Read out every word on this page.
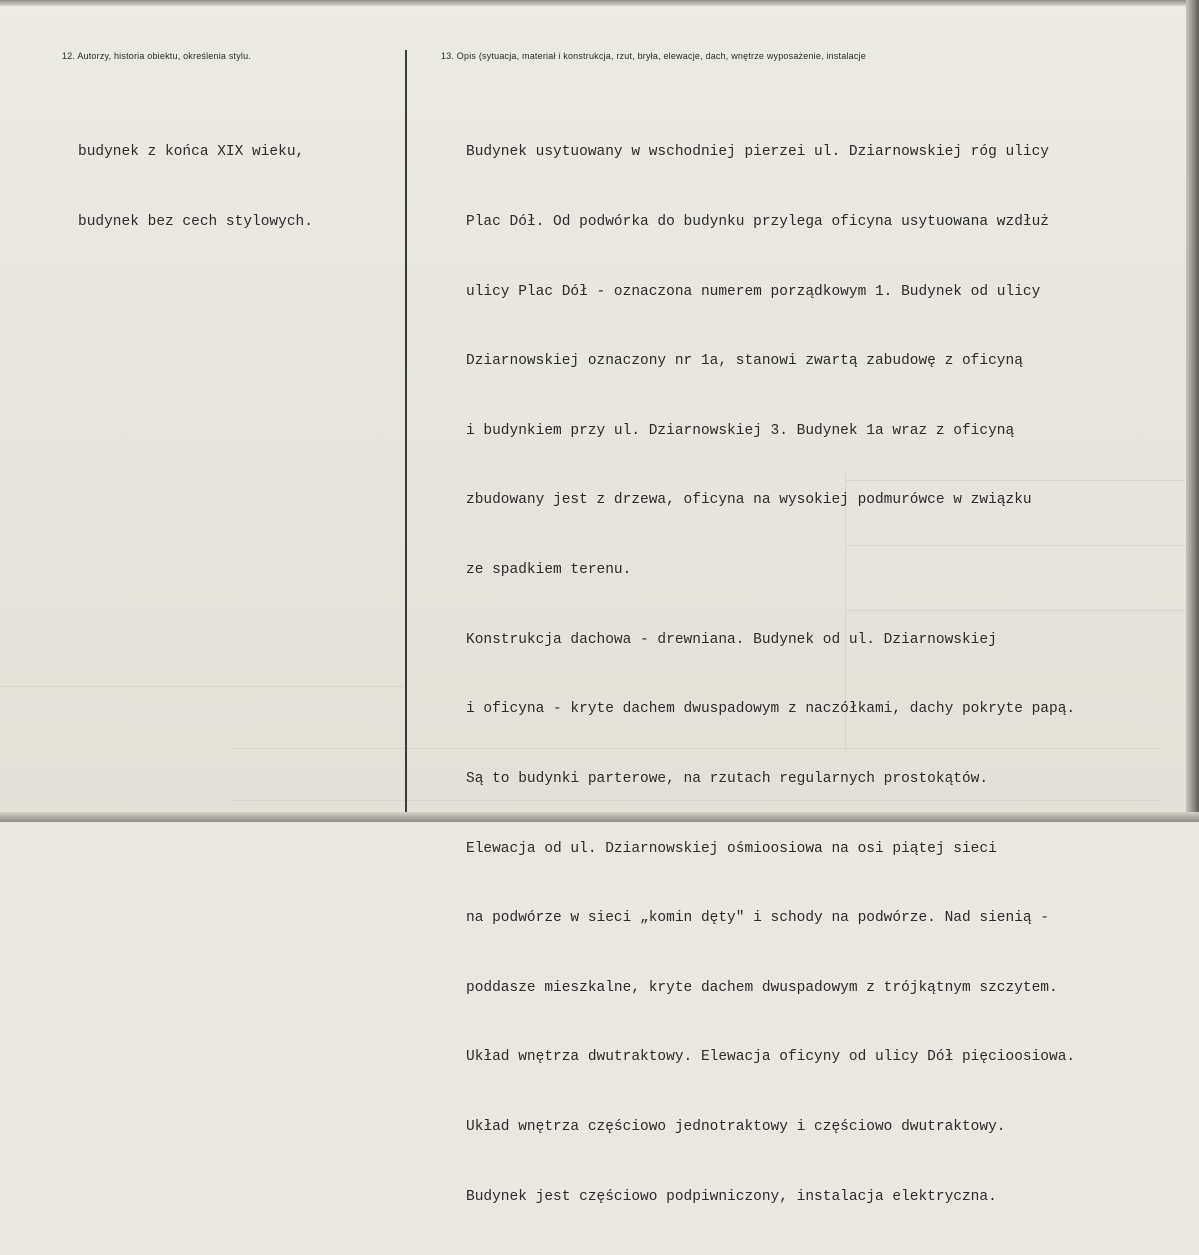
12. Autorzy, historia obiektu, określenia stylu.	13. Opis (sytuacja, materiał i konstrukcja, rzut, bryła, elewacje, dach, wnętrze wyposażenie, instalacje

budynek z końca XIX wieku,

budynek bez cech stylowych.

Budynek usytuowany w wschodniej pierzei ul. Dziarnowskiej róg ulicy

Plac Dół. Od podwórka do budynku przylega oficyna usytuowana wzdłuż

ulicy Plac Dół - oznaczona numerem porządkowym 1. Budynek od ulicy

Dziarnowskiej oznaczony nr 1a, stanowi zwartą zabudowę z oficyną

i budynkiem przy ul. Dziarnowskiej 3. Budynek 1a wraz z oficyną

zbudowany jest z drzewa, oficyna na wysokiej podmurówce w związku

ze spadkiem terenu.

Konstrukcja dachowa - drewniana. Budynek od ul. Dziarnowskiej

i oficyna - kryte dachem dwuspadowym z naczółkami, dachy pokryte papą.

Są to budynki parterowe, na rzutach regularnych prostokątów.

Elewacja od ul. Dziarnowskiej ośmioosiowa na osi piątej sieci

na podwórze w sieci „komin dęty" i schody na podwórze. Nad sienią -

poddasze mieszkalne, kryte dachem dwuspadowym z trójkątnym szczytem.

Układ wnętrza dwutraktowy. Elewacja oficyny od ulicy Dół pięcioosiowa.

Układ wnętrza częściowo jednotraktowy i częściowo dwutraktowy.

Budynek jest częściowo podpiwniczony, instalacja elektryczna.
